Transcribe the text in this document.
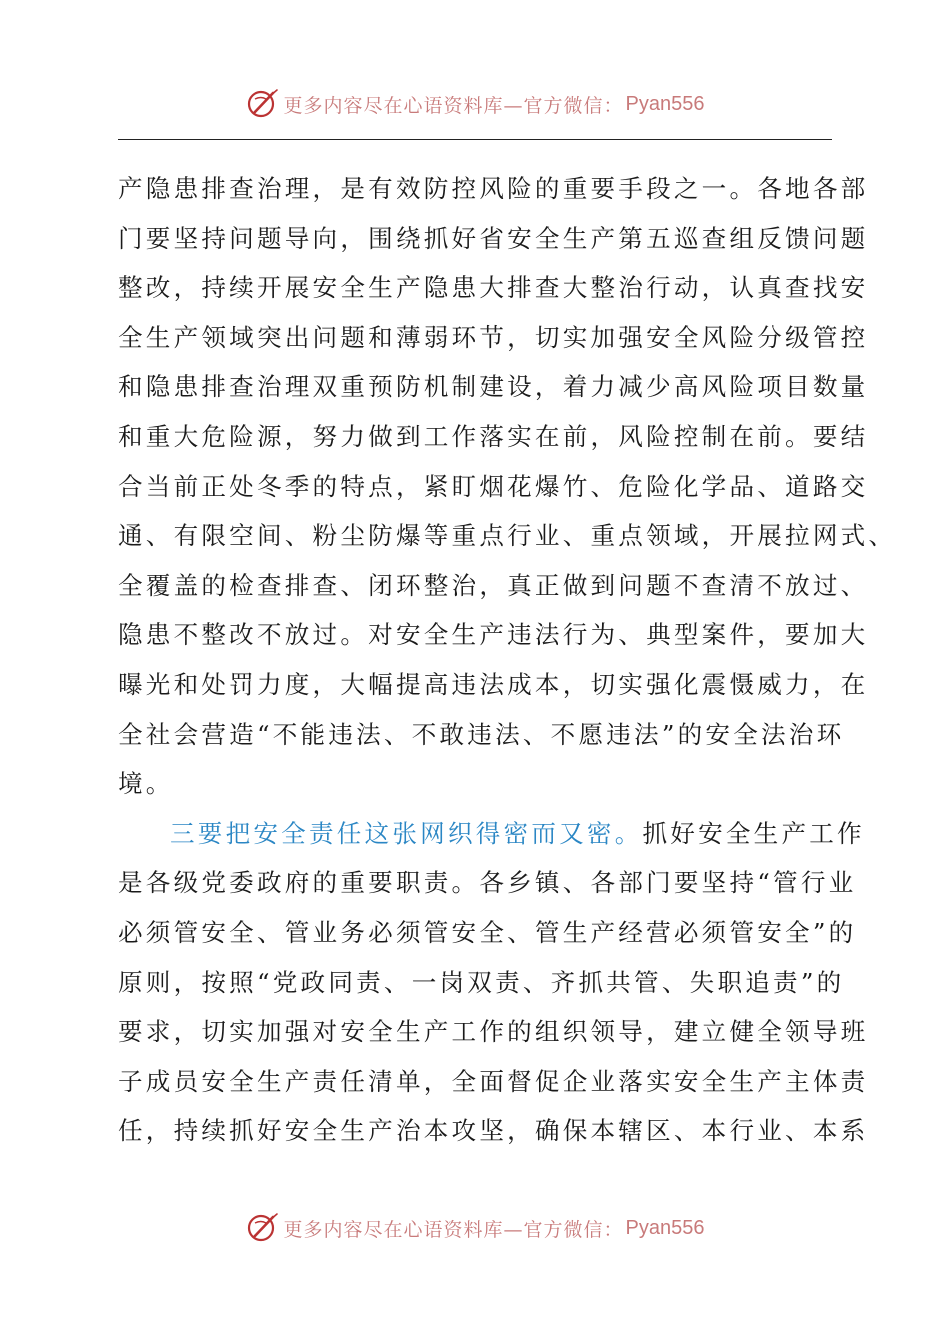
更多内容尽在心语资料库—官方微信： Pyan556
产隐患排查治理，是有效防控风险的重要手段之一。各地各部
门要坚持问题导向，围绕抓好省安全生产第五巡查组反馈问题
整改，持续开展安全生产隐患大排查大整治行动，认真查找安
全生产领域突出问题和薄弱环节，切实加强安全风险分级管控
和隐患排查治理双重预防机制建设，着力减少高风险项目数量
和重大危险源，努力做到工作落实在前，风险控制在前。要结
合当前正处冬季的特点，紧盯烟花爆竹、危险化学品、道路交
通、有限空间、粉尘防爆等重点行业、重点领域，开展拉网式、
全覆盖的检查排查、闭环整治，真正做到问题不查清不放过、
隐患不整改不放过。对安全生产违法行为、典型案件，要加大
曝光和处罚力度，大幅提高违法成本，切实强化震慑威力，在
全社会营造“不能违法、不敢违法、不愿违法”的安全法治环
境。
三要把安全责任这张网织得密而又密。抓好安全生产工作
是各级党委政府的重要职责。各乡镇、各部门要坚持“管行业
必须管安全、管业务必须管安全、管生产经营必须管安全”的
原则，按照“党政同责、一岗双责、齐抓共管、失职追责”的
要求，切实加强对安全生产工作的组织领导，建立健全领导班
子成员安全生产责任清单，全面督促企业落实安全生产主体责
任，持续抓好安全生产治本攻坚，确保本辖区、本行业、本系
更多内容尽在心语资料库—官方微信： Pyan556
